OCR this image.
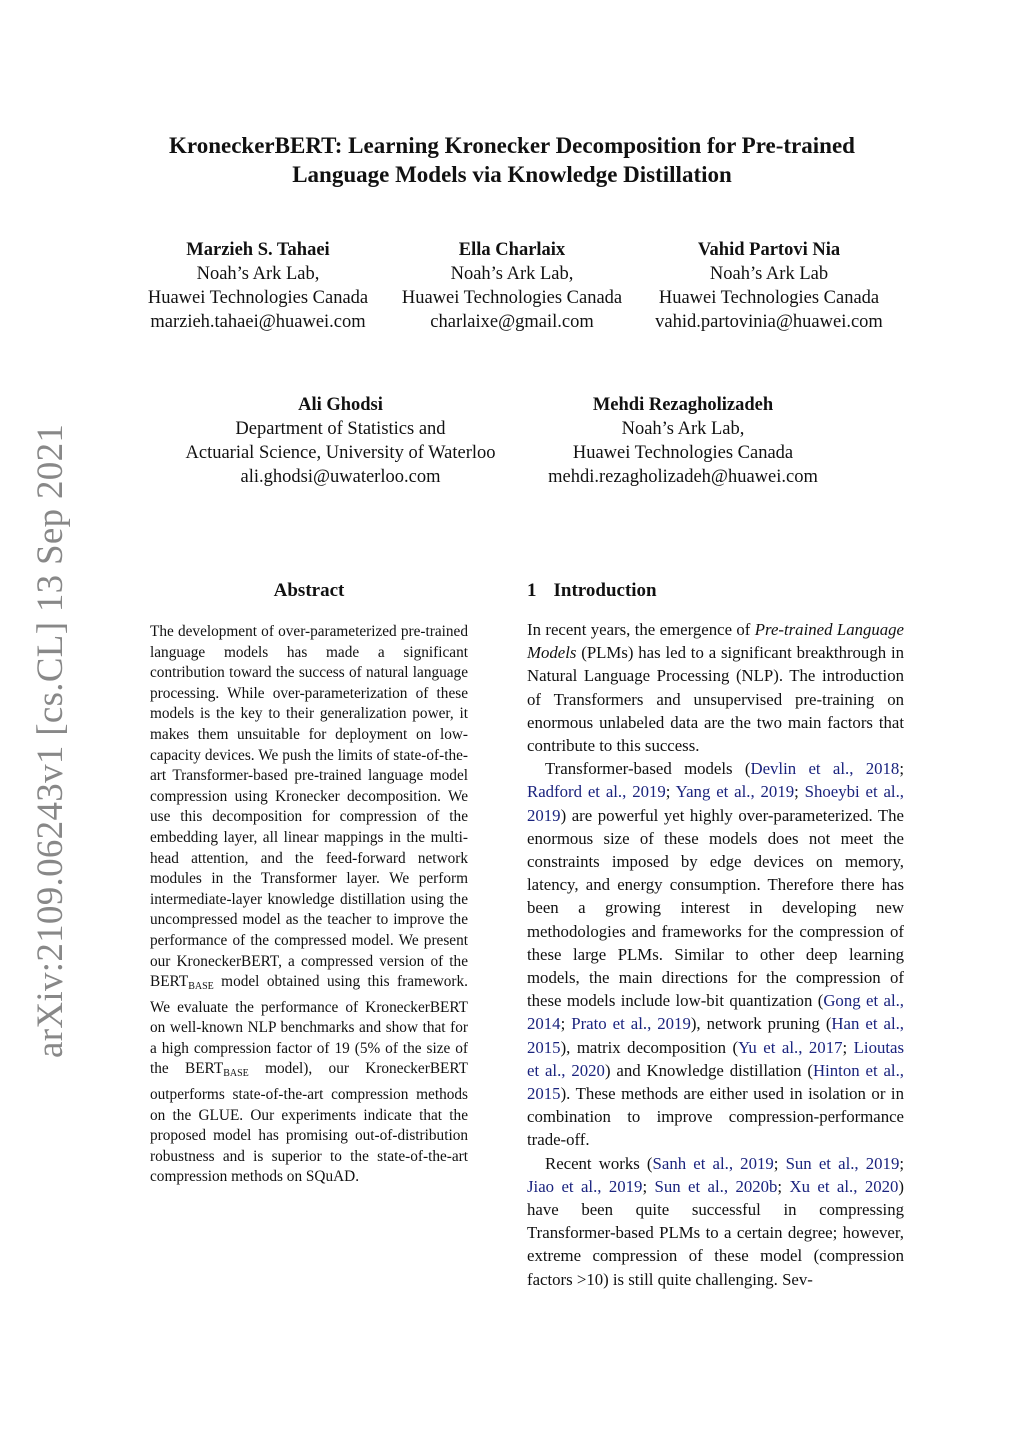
KroneckerBERT: Learning Kronecker Decomposition for Pre-trained
Language Models via Knowledge Distillation
Marzieh S. Tahaei
Noah’s Ark Lab,
Huawei Technologies Canada
marzieh.tahaei@huawei.com
Ella Charlaix
Noah’s Ark Lab,
Huawei Technologies Canada
charlaixe@gmail.com
Vahid Partovi Nia
Noah’s Ark Lab
Huawei Technologies Canada
vahid.partovinia@huawei.com
Ali Ghodsi
Department of Statistics and
Actuarial Science, University of Waterloo
ali.ghodsi@uwaterloo.com
Mehdi Rezagholizadeh
Noah’s Ark Lab,
Huawei Technologies Canada
mehdi.rezagholizadeh@huawei.com
arXiv:2109.06243v1 [cs.CL] 13 Sep 2021	Abstract
The development of over-parameterized pre-trained language models has made a significant contribution toward the success of natural language processing. While over-parameterization of these models is the key to their generalization power, it makes them unsuitable for deployment on low-capacity devices. We push the limits of state-of-the-art Transformer-based pre-trained language model compression using Kronecker decomposition. We use this decomposition for compression of the embedding layer, all linear mappings in the multi-head attention, and the feed-forward network modules in the Transformer layer. We perform intermediate-layer knowledge distillation using the uncompressed model as the teacher to improve the performance of the compressed model. We present our KroneckerBERT, a compressed version of the $BERT_{BASE}$ model obtained using this framework. We evaluate the performance of KroneckerBERT on well-known NLP benchmarks and show that for a high compression factor of 19 (5% of the size of the $BERT_{BASE}$ model), our KroneckerBERT outperforms state-of-the-art compression methods on the GLUE. Our experiments indicate that the proposed model has promising out-of-distribution robustness and is superior to the state-of-the-art compression methods on SQuAD.
1 Introduction

In recent years, the emergence of Pre-trained Language Models (PLMs) has led to a significant breakthrough in Natural Language Processing (NLP). The introduction of Transformers and unsupervised pre-training on enormous unlabeled data are the two main factors that contribute to this success.

Transformer-based models (Devlin et al., 2018; Radford et al., 2019; Yang et al., 2019; Shoeybi et al., 2019) are powerful yet highly over-parameterized. The enormous size of these models does not meet the constraints imposed by edge devices on memory, latency, and energy consumption. Therefore there has been a growing interest in developing new methodologies and frameworks for the compression of these large PLMs. Similar to other deep learning models, the main directions for the compression of these models include low-bit quantization (Gong et al., 2014; Prato et al., 2019), network pruning (Han et al., 2015), matrix decomposition (Yu et al., 2017; Lioutas et al., 2020) and Knowledge distillation (Hinton et al., 2015). These methods are either used in isolation or in combination to improve compression-performance trade-off.

Recent works (Sanh et al., 2019; Sun et al., 2019; Jiao et al., 2019; Sun et al., 2020b; Xu et al., 2020) have been quite successful in compressing Transformer-based PLMs to a certain degree; however, extreme compression of these model (compression factors >10) is still quite challenging. Sev-
